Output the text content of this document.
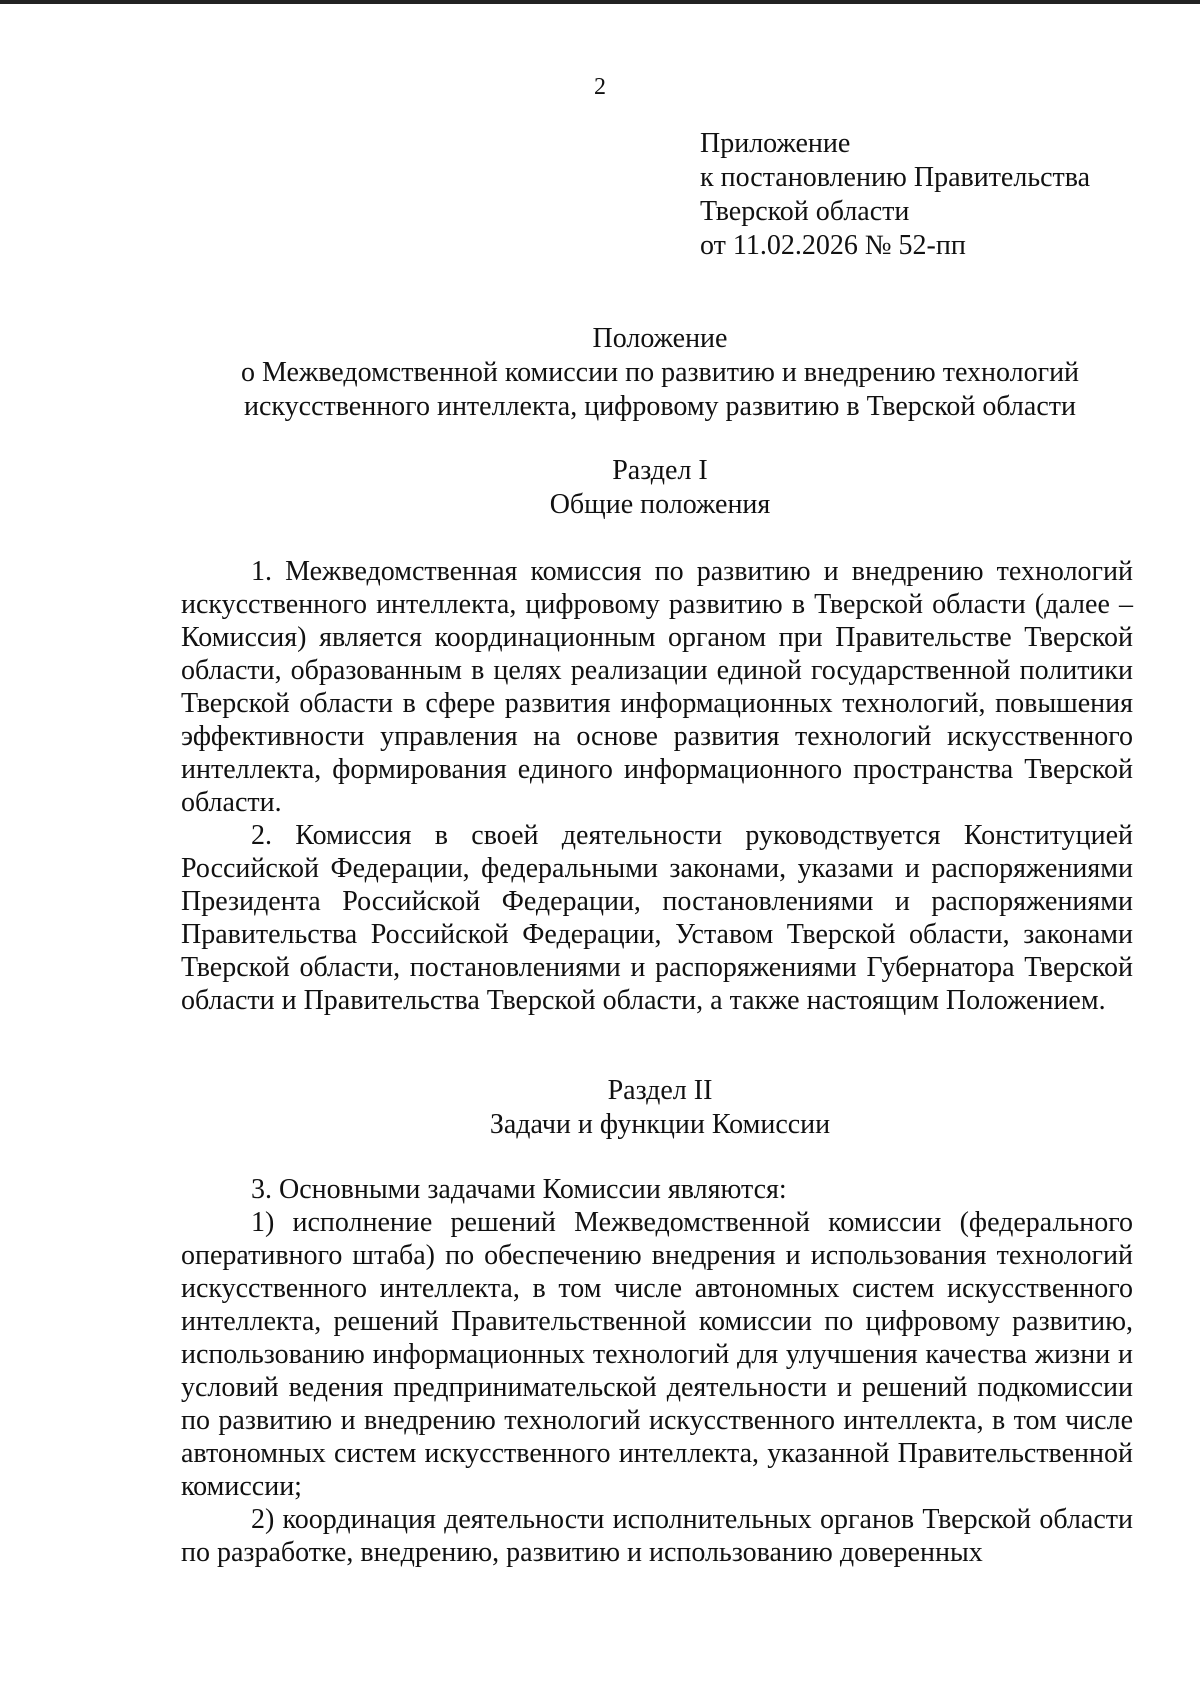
2
Приложение
к постановлению Правительства
Тверской области
от 11.02.2026 № 52-пп
Положение
о Межведомственной комиссии по развитию и внедрению технологий
искусственного интеллекта, цифровому развитию в Тверской области
Раздел I
Общие положения

1. Межведомственная комиссия по развитию и внедрению технологий искусственного интеллекта, цифровому развитию в Тверской области (далее – Комиссия) является координационным органом при Правительстве Тверской области, образованным в целях реализации единой государственной политики Тверской области в сфере развития информационных технологий, повышения эффективности управления на основе развития технологий искусственного интеллекта, формирования единого информационного пространства Тверской области.

2. Комиссия в своей деятельности руководствуется Конституцией Российской Федерации, федеральными законами, указами и распоряжениями Президента Российской Федерации, постановлениями и распоряжениями Правительства Российской Федерации, Уставом Тверской области, законами Тверской области, постановлениями и распоряжениями Губернатора Тверской области и Правительства Тверской области, а также настоящим Положением.

Раздел II
Задачи и функции Комиссии

3. Основными задачами Комиссии являются:

1) исполнение решений Межведомственной комиссии (федерального оперативного штаба) по обеспечению внедрения и использования технологий искусственного интеллекта, в том числе автономных систем искусственного интеллекта, решений Правительственной комиссии по цифровому развитию, использованию информационных технологий для улучшения качества жизни и условий ведения предпринимательской деятельности и решений подкомиссии по развитию и внедрению технологий искусственного интеллекта, в том числе автономных систем искусственного интеллекта, указанной Правительственной комиссии;

2) координация деятельности исполнительных органов Тверской области по разработке, внедрению, развитию и использованию доверенных
